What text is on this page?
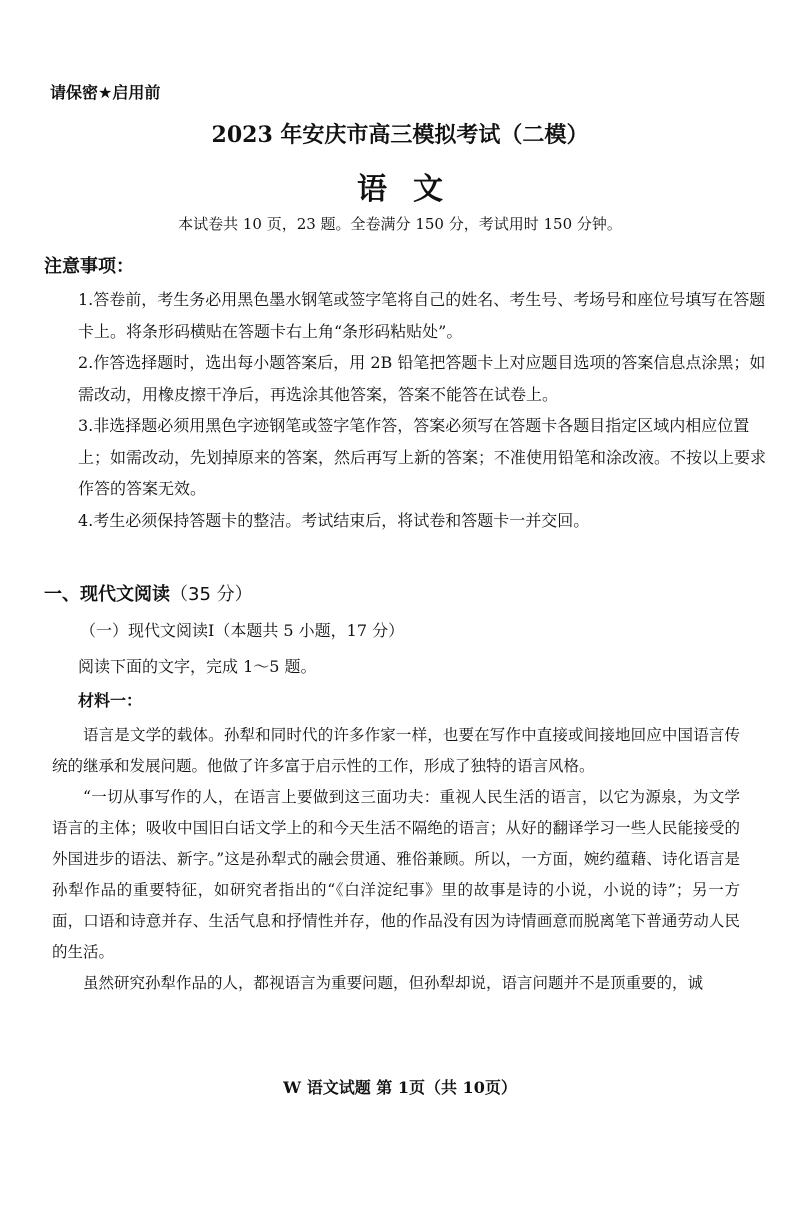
请保密★启用前
2023 年安庆市高三模拟考试（二模）
语文
本试卷共 10 页，23 题。全卷满分 150 分，考试用时 150 分钟。
注意事项：
1.答卷前，考生务必用黑色墨水钢笔或签字笔将自己的姓名、考生号、考场号和座位号填写在答题卡上。将条形码横贴在答题卡右上角“条形码粘贴处”。
2.作答选择题时，选出每小题答案后，用 2B 铅笔把答题卡上对应题目选项的答案信息点涂黑；如需改动，用橡皮擦干净后，再选涂其他答案，答案不能答在试卷上。
3.非选择题必须用黑色字迹钢笔或签字笔作答，答案必须写在答题卡各题目指定区域内相应位置上；如需改动，先划掉原来的答案，然后再写上新的答案；不准使用铅笔和涂改液。不按以上要求作答的答案无效。
4.考生必须保持答题卡的整洁。考试结束后，将试卷和答题卡一并交回。
一、现代文阅读（35 分）
（一）现代文阅读Ⅰ（本题共 5 小题，17 分）
阅读下面的文字，完成 1～5 题。
材料一：

语言是文学的载体。孙犁和同时代的许多作家一样，也要在写作中直接或间接地回应中国语言传统的继承和发展问题。他做了许多富于启示性的工作，形成了独特的语言风格。

“一切从事写作的人，在语言上要做到这三面功夫：重视人民生活的语言，以它为源泉，为文学语言的主体；吸收中国旧白话文学上的和今天生活不隔绝的语言；从好的翻译学习一些人民能接受的外国进步的语法、新字。”这是孙犁式的融会贯通、雅俗兼顾。所以，一方面，婉约蕴藉、诗化语言是孙犁作品的重要特征，如研究者指出的“《白洋淀纪事》里的故事是诗的小说，小说的诗”；另一方面，口语和诗意并存、生活气息和抒情性并存，他的作品没有因为诗情画意而脱离笔下普通劳动人民的生活。

虽然研究孙犁作品的人，都视语言为重要问题，但孙犁却说，语言问题并不是顶重要的，诚

W 语文试题 第 1页（共 10页）
